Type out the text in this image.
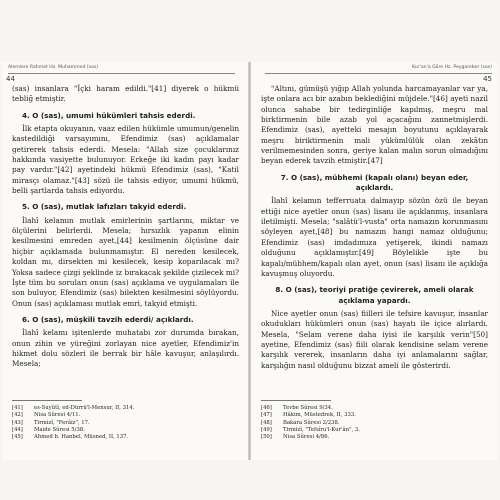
Alemlere Rahmet Hz. Muhammed (sas)
44

(sas) insanlara "İçki haram edildi."[41] diyerek o hükmü tebliğ etmiştir.

4. O (sas), umumi hükümleri tahsis ederdi.

İlk etapta okuyanın, vaaz edilen hükümle umumun/genelin kastedildiği varsayımını, Efendimiz (sas) açıklamalar getirerek tahsis ederdi. Mesela: "Allah size çocuklarınız hakkında vasiyette bulunuyor. Erkeğe iki kadın payı kadar pay vardır."[42] ayetindeki hükmü Efendimiz (sas), "Katil mirasçı olamaz."[43] sözü ile tahsis ediyor, umumi hükmü, belli şartlarda tahsis ediyordu.

5. O (sas), mutlak lafızları takyid ederdi.

İlahî kelamın mutlak emirlerinin şartlarını, miktar ve ölçülerini belirlerdi. Mesela; hırsızlık yapanın elinin kesilmesini emreden ayet,[44] kesilmenin ölçüsüne dair hiçbir açıklamada bulunmamıştır. El nereden kesilecek, koldan mı, dirsekten mi kesilecek, kesip koparılacak mı? Yoksa sadece çizgi şeklinde iz bırakacak şekilde çizilecek mi? İşte tüm bu soruları onun (sas) açıklama ve uygulamaları ile son buluyor, Efendimiz (sas) bilekten kesilmesini söylüyordu. Onun (sas) açıklaması mutlak emri, takyid etmişti.

6. O (sas), müşkili tavzih ederdi/ açıklardı.

İlahî kelamı işitenlerde muhatabı zor durumda bırakan, onun zihin ve yüreğini zorlayan nice ayetler, Efendimiz'in hikmet dolu sözleri ile berrak bir hâle kavuşur, anlaşılırdı. Mesela;

[41]	es-Suyûtî, ed-Dürrü'l-Mensur, II, 314.
[42]	Nisa Sûresi 4/11.
[43]	Tirmizî, "Ferâiz", 17.
[44]	Maide Sûresi 5/38.
[45]	Ahmed b. Hanbel, Müsned, II, 137.
Kur'an'a Göre Hz. Peygamber (sas)
45

"Altını, gümüşü yığıp Allah yolunda harcamayanlar var ya, işte onlara acı bir azabın beklediğini müjdele."[46] ayeti nazil olunca sahabe bir tedirginliğe kapılmış, meşru mal birktirmenin bile azab yol açacağını zannetmişlerdi. Efendimiz (sas), ayetteki mesajın boyutunu açıklayarak meşru biriktirmenin mali yükümlülük olan zekâtın verilmemesinden sonra, geriye kalan malın sorun olmadığını beyan ederek tavzih etmiştir.[47]

7. O (sas), mübhemi (kapalı olanı) beyan eder, açıklardı.

İlahî kelamın tefferruata dalmayıp sözün özü ile beyan ettiği nice ayetler onun (sas) lisanı ile açıklanmış, insanlara iletilmişti. Mesela; "salâtü'l-vusta" orta namazın korunmasını söyleyen ayet,[48] bu namazın hangi namaz olduğunu; Efendimiz (sas) imdadımıza yetişerek, ikindi namazı olduğunu açıklamıştır.[49] Böylelikle işte bu kapalı/mübhem/kapalı olan ayet, onun (sas) lisanı ile açıklığa kavuşmuş oluyordu.

8. O (sas), teoriyi pratiğe çevirerek, ameli olarak açıklama yapardı.

Nice ayetler onun (sas) fiilleri ile tefsire kavuşur, insanlar okudukları hükümleri onun (sas) hayatı ile içice alırlardı. Mesela, "Selam verene daha iyisi ile karşılık verin"[50] ayetine, Efendimiz (sas) fiili olarak kendisine selam verene karşılık vererek, insanların daha iyi anlamalarını sağlar, karşılığın nasıl olduğunu bizzat ameli ile gösterirdi.

[46]	Tevbe Sûresi 9/34.
[47]	Hâkim, Müstedrek, II, 333.
[48]	Bakara Sûresi 2/238.
[49]	Tirmizî, "Tefsîru'l-Kur'ân", 3.
[50]	Nisa Sûresi 4/86.
